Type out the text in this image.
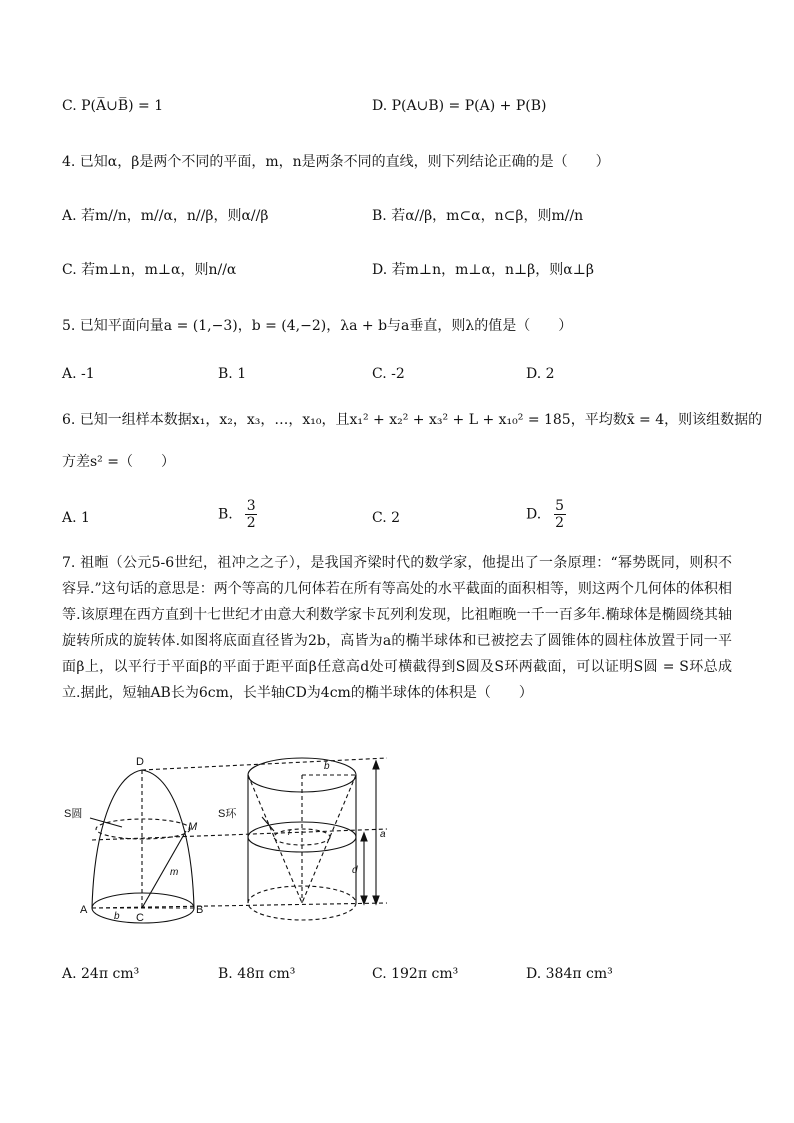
C. P(A̅∪B̅) = 1	D. P(A∪B) = P(A) + P(B)
4. 已知α，β是两个不同的平面，m，n是两条不同的直线，则下列结论正确的是（　　）
A. 若m//n，m//α，n//β，则α//β	B. 若α//β，m⊂α，n⊂β，则m//n
C. 若m⊥n，m⊥α，则n//α	D. 若m⊥n，m⊥α，n⊥β，则α⊥β
5. 已知平面向量a = (1,−3)，b = (4,−2)，λa + b与a垂直，则λ的值是（　　）
A. -1	B. 1	C. -2	D. 2
6. 已知一组样本数据x₁，x₂，x₃，…，x₁₀，且x₁² + x₂² + x₃² + L + x₁₀² = 185，平均数x̄ = 4，则该组数据的
方差s² =（　　）
A. 1	B. $\frac{3}{2}$	C. 2	D. $\frac{5}{2}$
7. 祖暅（公元5-6世纪，祖冲之之子），是我国齐梁时代的数学家，他提出了一条原理：“幂势既同，则积不容异.”这句话的意思是：两个等高的几何体若在所有等高处的水平截面的面积相等，则这两个几何体的体积相等.该原理在西方直到十七世纪才由意大利数学家卡瓦列利发现，比祖暅晚一千一百多年.椭球体是椭圆绕其轴旋转所成的旋转体.如图将底面直径皆为2b，高皆为a的椭半球体和已被挖去了圆锥体的圆柱体放置于同一平面β上，以平行于平面β的平面于距平面β任意高d处可横截得到S圆及S环两截面，可以证明S圆 = S环总成立.据此，短轴AB长为6cm，长半轴CD为4cm的椭半球体的体积是（　　）
D
S圆
M
m
A
b C
B
b
S环
r	a
d
A. 24π cm³	B. 48π cm³	C. 192π cm³	D. 384π cm³
